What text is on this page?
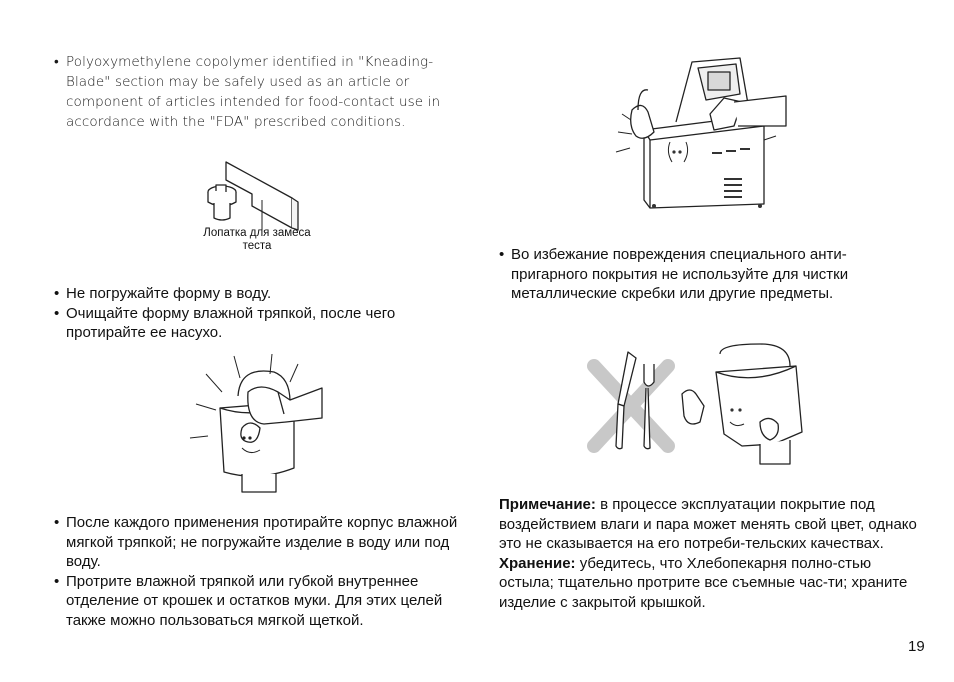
• Polyoxymethylene copolymer identified in "Kneading-Blade" section may be safely used as an article or component of articles intended for food-contact use in accordance with the "FDA" prescribed conditions.

Лопатка для замеса
теста

• Не погружайте форму в воду.

• Очищайте форму влажной тряпкой, после чего протирайте ее насухо.

• После каждого применения протирайте корпус влажной мягкой тряпкой; не погружайте изделие в воду или под воду.

• Протрите влажной тряпкой или губкой внутреннее отделение от крошек и остатков муки. Для этих целей также можно пользоваться мягкой щеткой.

• Во избежание повреждения специального анти-пригарного покрытия не используйте для чистки металлические скребки или другие предметы.

Примечание: в процессе эксплуатации покрытие под воздействием влаги и пара может менять свой цвет, однако это не сказывается на его потреби-тельских качествах.

Хранение: убедитесь, что Хлебопекарня полно-стью остыла; тщательно протрите все съемные час-ти; храните изделие с закрытой крышкой.

19
